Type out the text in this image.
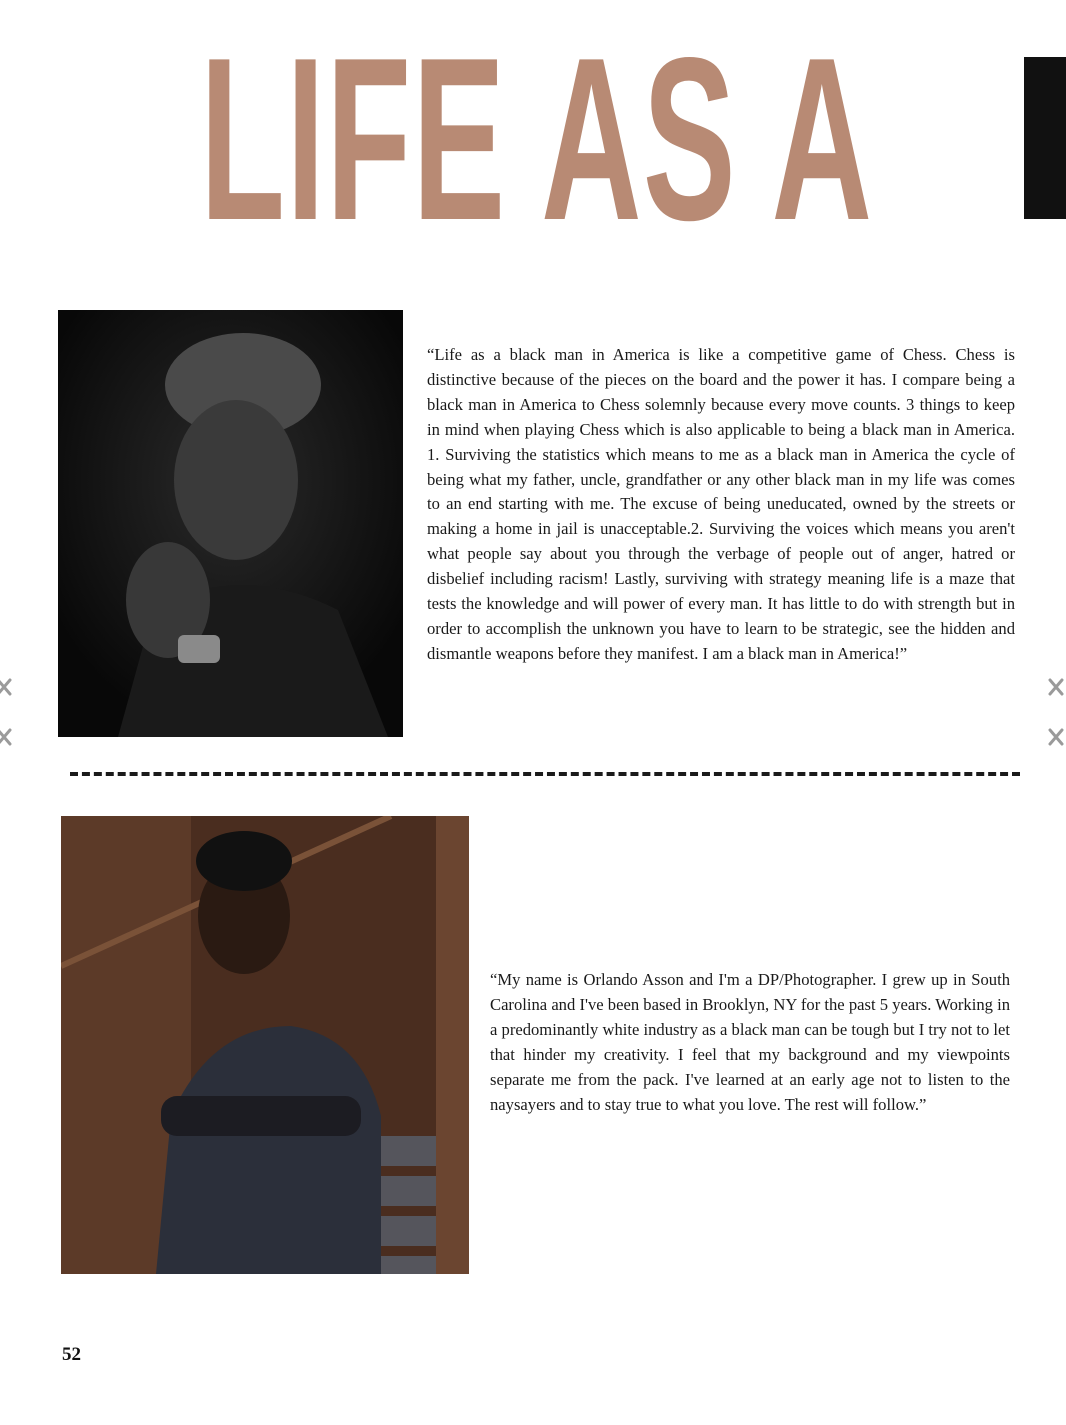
LIFE AS A

“Life as a black man in America is like a competitive game of Chess. Chess is distinctive because of the pieces on the board and the power it has. I compare being a black man in America to Chess solemnly because every move counts. 3 things to keep in mind when playing Chess which is also applicable to being a black man in America. 1. Surviving the statistics which means to me as a black man in America the cycle of being what my father, uncle, grandfather or any other black man in my life was comes to an end starting with me. The excuse of being uneducated, owned by the streets or making a home in jail is unacceptable.2. Surviving the voices which means you aren't what people say about you through the verbage of people out of anger, hatred or disbelief including racism! Lastly, surviving with strategy meaning life is a maze that tests the knowledge and will power of every man. It has little to do with strength but in order to accomplish the unknown you have to learn to be strategic, see the hidden and dismantle weapons before they manifest. I am a black man in America!”

“My name is Orlando Asson and I'm a DP/Photographer. I grew up in South Carolina and I've been based in Brooklyn, NY for the past 5 years. Working in a predominantly white industry as a black man can be tough but I try not to let that hinder my creativity. I feel that my background and my viewpoints separate me from the pack. I've learned at an early age not to listen to the naysayers and to stay true to what you love. The rest will follow.”

52
